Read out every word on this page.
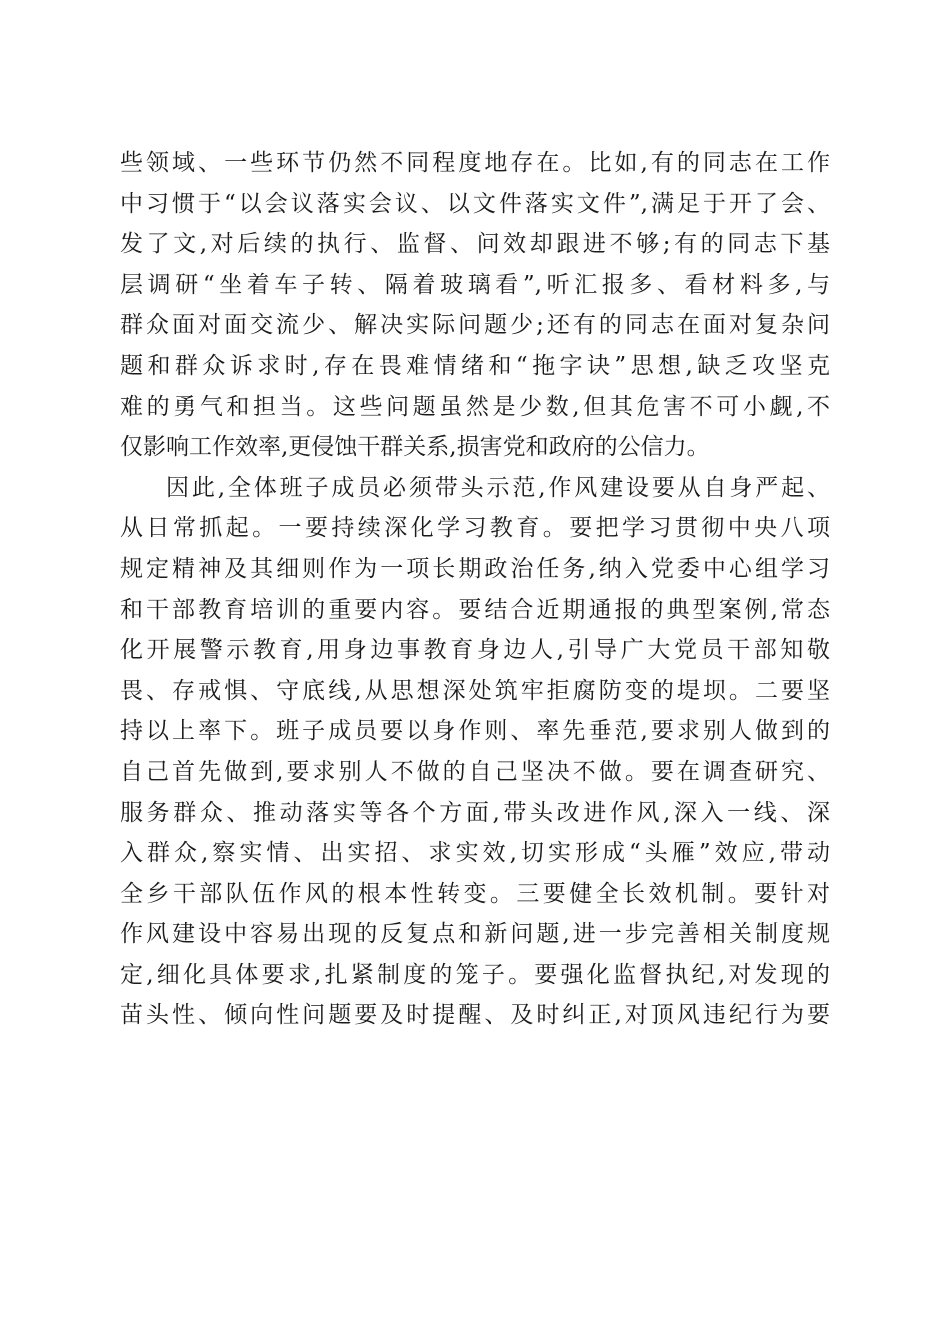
些领域、一些环节仍然不同程度地存在。比如,有的同志在工作
中习惯于“以会议落实会议、以文件落实文件”,满足于开了会、
发了文,对后续的执行、监督、问效却跟进不够;有的同志下基
层调研“坐着车子转、隔着玻璃看”,听汇报多、看材料多,与
群众面对面交流少、解决实际问题少;还有的同志在面对复杂问
题和群众诉求时,存在畏难情绪和“拖字诀”思想,缺乏攻坚克
难的勇气和担当。这些问题虽然是少数,但其危害不可小觑,不
仅影响工作效率,更侵蚀干群关系,损害党和政府的公信力。
因此,全体班子成员必须带头示范,作风建设要从自身严起、
从日常抓起。一要持续深化学习教育。要把学习贯彻中央八项
规定精神及其细则作为一项长期政治任务,纳入党委中心组学习
和干部教育培训的重要内容。要结合近期通报的典型案例,常态
化开展警示教育,用身边事教育身边人,引导广大党员干部知敬
畏、存戒惧、守底线,从思想深处筑牢拒腐防变的堤坝。二要坚
持以上率下。班子成员要以身作则、率先垂范,要求别人做到的
自己首先做到,要求别人不做的自己坚决不做。要在调查研究、
服务群众、推动落实等各个方面,带头改进作风,深入一线、深
入群众,察实情、出实招、求实效,切实形成“头雁”效应,带动
全乡干部队伍作风的根本性转变。三要健全长效机制。要针对
作风建设中容易出现的反复点和新问题,进一步完善相关制度规
定,细化具体要求,扎紧制度的笼子。要强化监督执纪,对发现的
苗头性、倾向性问题要及时提醒、及时纠正,对顶风违纪行为要
